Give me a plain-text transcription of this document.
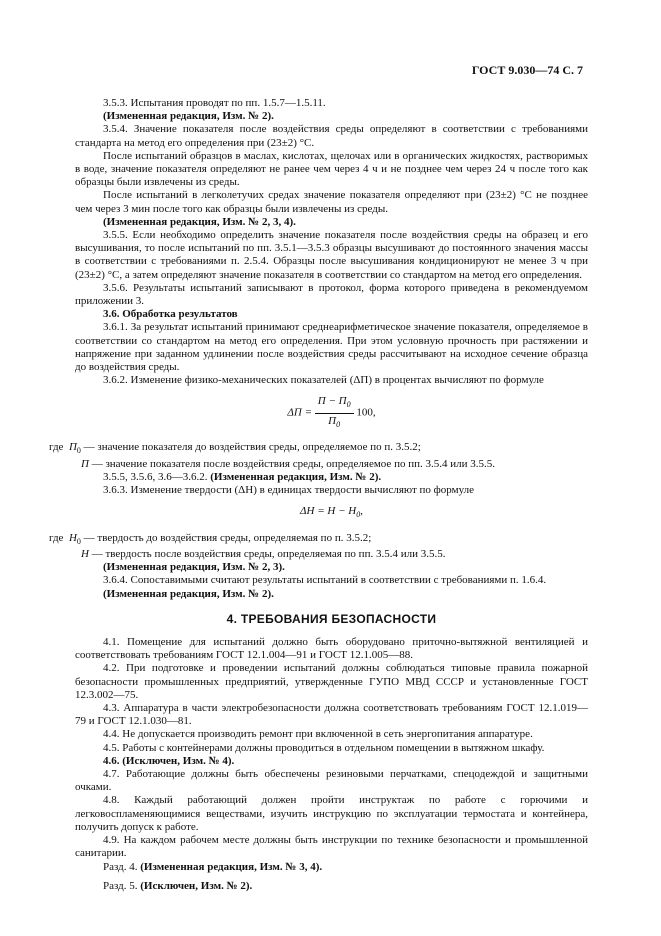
ГОСТ 9.030—74 С. 7

3.5.3. Испытания проводят по пп. 1.5.7—1.5.11.

(Измененная редакция, Изм. № 2).

3.5.4. Значение показателя после воздействия среды определяют в соответствии с требованиями стандарта на метод его определения при (23±2) °С.

После испытаний образцов в маслах, кислотах, щелочах или в органических жидкостях, растворимых в воде, значение показателя определяют не ранее чем через 4 ч и не позднее чем через 24 ч после того как образцы были извлечены из среды.

После испытаний в легколетучих средах значение показателя определяют при (23±2) °С не позднее чем через 3 мин после того как образцы были извлечены из среды.

(Измененная редакция, Изм. № 2, 3, 4).

3.5.5. Если необходимо определить значение показателя после воздействия среды на образец и его высушивания, то после испытаний по пп. 3.5.1—3.5.3 образцы высушивают до постоянного значения массы в соответствии с требованиями п. 2.5.4. Образцы после высушивания кондиционируют не менее 3 ч при (23±2) °С, а затем определяют значение показателя в соответствии со стандартом на метод его определения.

3.5.6. Результаты испытаний записывают в протокол, форма которого приведена в рекомендуемом приложении 3.

3.6. Обработка результатов

3.6.1. За результат испытаний принимают среднеарифметическое значение показателя, определяемое в соответствии со стандартом на метод его определения. При этом условную прочность при растяжении и напряжение при заданном удлинении после воздействия среды рассчитывают на исходное сечение образца до воздействия среды.

3.6.2. Изменение физико-механических показателей (ΔП) в процентах вычисляют по формуле

$\Delta П = \frac{П - П_0}{П_0} 100$,

где $П_0$ — значение показателя до воздействия среды, определяемое по п. 3.5.2;

П — значение показателя после воздействия среды, определяемое по пп. 3.5.4 или 3.5.5.

3.5.5, 3.5.6, 3.6—3.6.2. (Измененная редакция, Изм. № 2).

3.6.3. Изменение твердости (ΔН) в единицах твердости вычисляют по формуле

$\Delta Н = Н - Н_0$,

где $Н_0$ — твердость до воздействия среды, определяемая по п. 3.5.2;

Н — твердость после воздействия среды, определяемая по пп. 3.5.4 или 3.5.5.

(Измененная редакция, Изм. № 2, 3).

3.6.4. Сопоставимыми считают результаты испытаний в соответствии с требованиями п. 1.6.4.

(Измененная редакция, Изм. № 2).

4. ТРЕБОВАНИЯ БЕЗОПАСНОСТИ

4.1. Помещение для испытаний должно быть оборудовано приточно-вытяжной вентиляцией и соответствовать требованиям ГОСТ 12.1.004—91 и ГОСТ 12.1.005—88.

4.2. При подготовке и проведении испытаний должны соблюдаться типовые правила пожарной безопасности промышленных предприятий, утвержденные ГУПО МВД СССР и установленные ГОСТ 12.3.002—75.

4.3. Аппаратура в части электробезопасности должна соответствовать требованиям ГОСТ 12.1.019—79 и ГОСТ 12.1.030—81.

4.4. Не допускается производить ремонт при включенной в сеть энергопитания аппаратуре.

4.5. Работы с контейнерами должны проводиться в отдельном помещении в вытяжном шкафу.

4.6. (Исключен, Изм. № 4).

4.7. Работающие должны быть обеспечены резиновыми перчатками, спецодеждой и защитными очками.

4.8. Каждый работающий должен пройти инструктаж по работе с горючими и легковоспламеняющимися веществами, изучить инструкцию по эксплуатации термостата и контейнера, получить допуск к работе.

4.9. На каждом рабочем месте должны быть инструкции по технике безопасности и промышленной санитарии.

Разд. 4. (Измененная редакция, Изм. № 3, 4).

Разд. 5. (Исключен, Изм. № 2).
